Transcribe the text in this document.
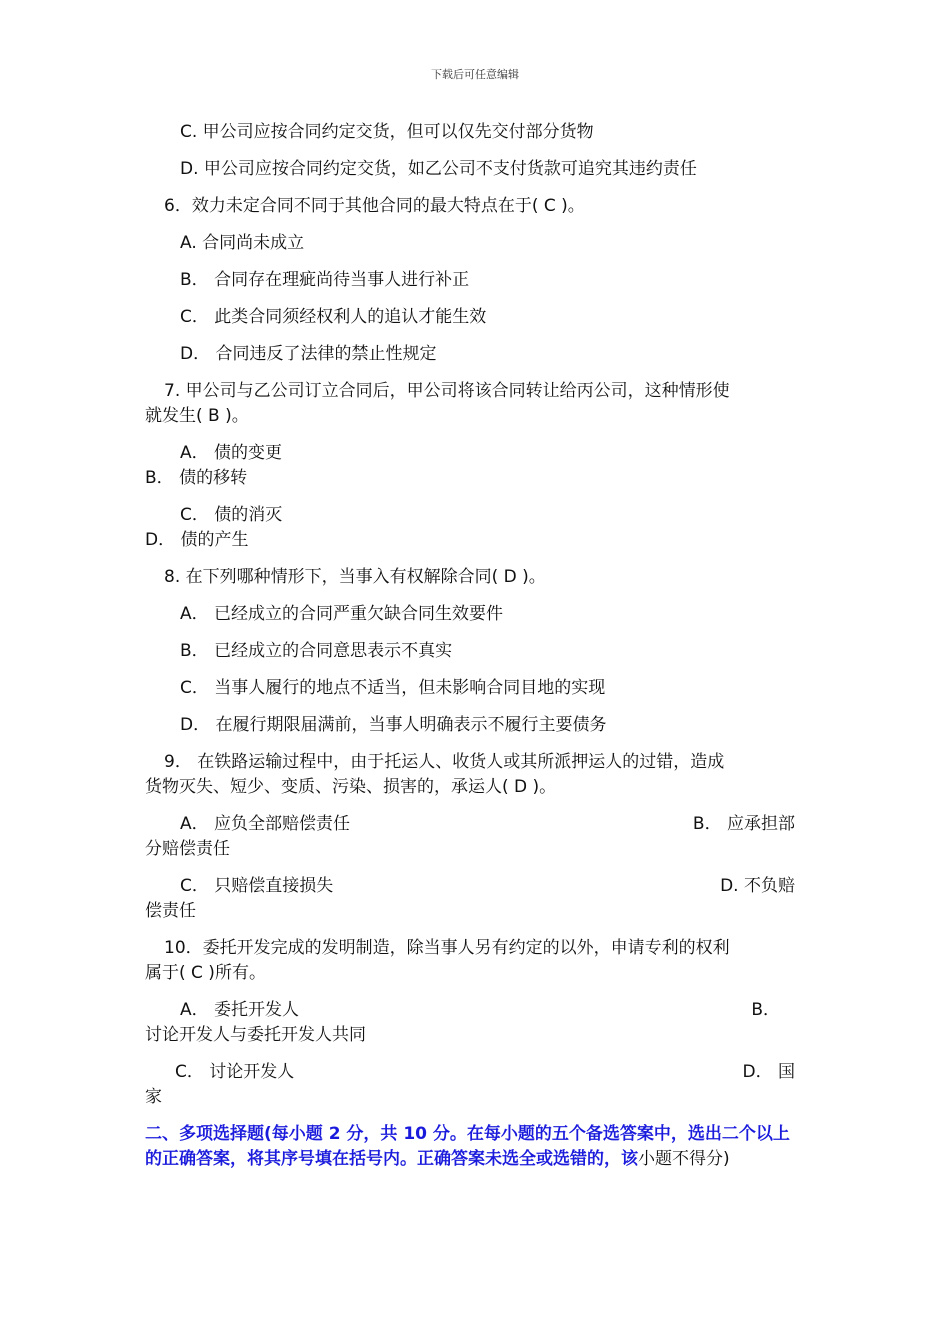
下载后可任意编辑
C. 甲公司应按合同约定交货，但可以仅先交付部分货物
D. 甲公司应按合同约定交货，如乙公司不支付货款可追究其违约责任
6．效力未定合同不同于其他合同的最大特点在于( C )。
A. 合同尚未成立
B． 合同存在理疵尚待当事人进行补正
C． 此类合同须经权利人的追认才能生效
D． 合同违反了法律的禁止性规定
7. 甲公司与乙公司订立合同后，甲公司将该合同转让给丙公司，这种情形使
就发生( B )。
A． 债的变更
B． 债的移转
C． 债的消灭
D． 债的产生
8. 在下列哪种情形下，当事入有权解除合同( D )。
A． 已经成立的合同严重欠缺合同生效要件
B． 已经成立的合同意思表示不真实
C． 当事人履行的地点不适当，但未影响合同目地的实现
D． 在履行期限届满前，当事人明确表示不履行主要债务
9． 在铁路运输过程中，由于托运人、收货人或其所派押运人的过错，造成
货物灭失、短少、变质、污染、损害的，承运人( D )。
A． 应负全部赔偿责任	B． 应承担部
分赔偿责任
C． 只赔偿直接损失	D. 不负赔
偿责任
10．委托开发完成的发明制造，除当事人另有约定的以外，申请专利的权利
属于( C )所有。
A． 委托开发人	B．
讨论开发人与委托开发人共同
C． 讨论开发人	D． 国
家
二、多项选择题(每小题 2 分，共 10 分。在每小题的五个备选答案中，选出二个以上的正确答案，将其序号填在括号内。正确答案未选全或选错的，该小题不得分)
